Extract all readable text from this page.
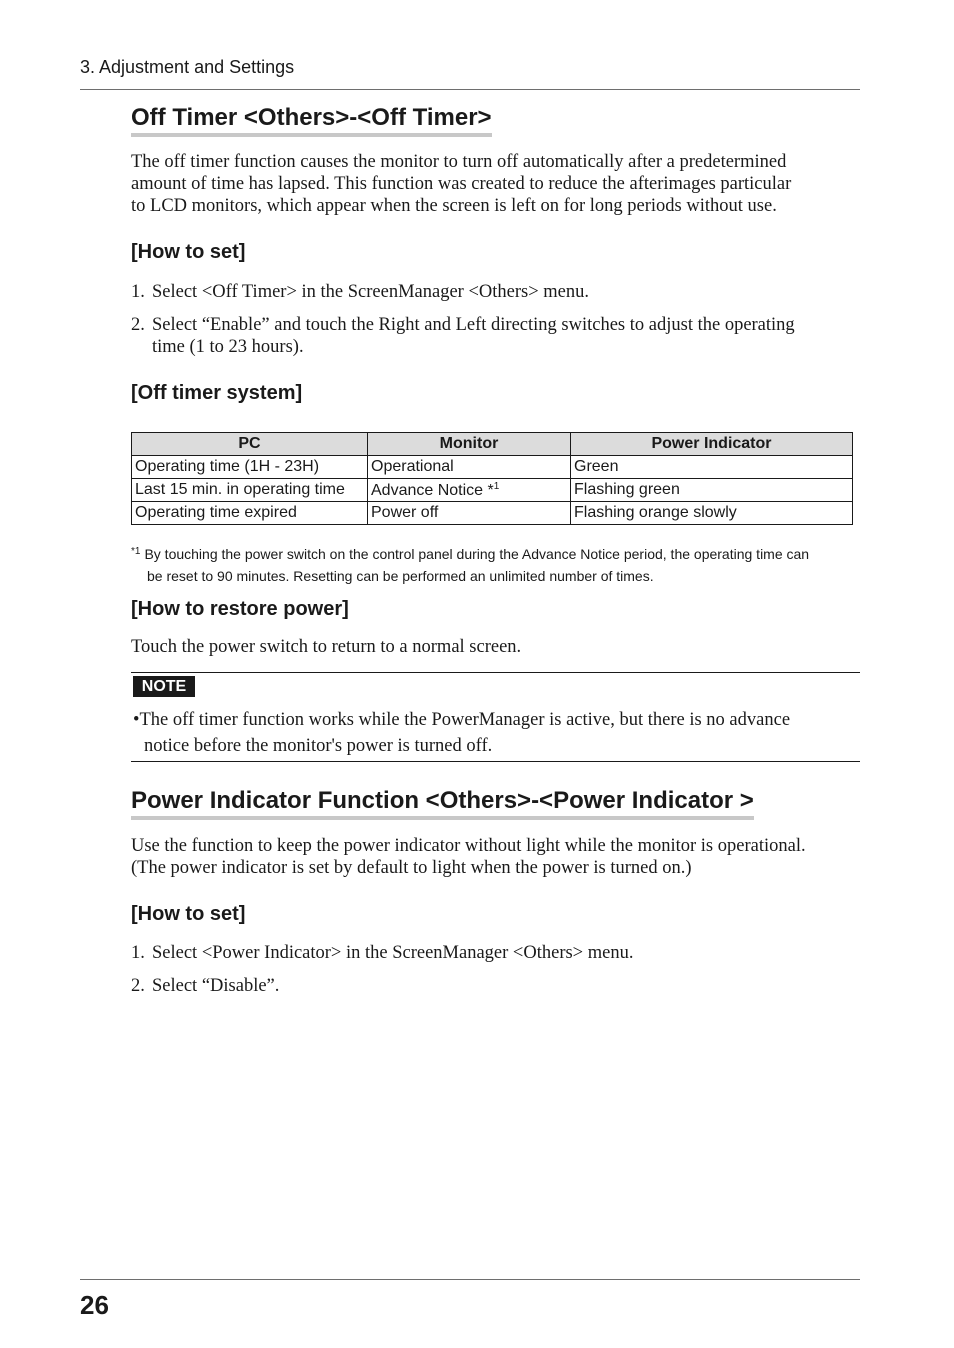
3. Adjustment and Settings
Off Timer <Others>-<Off Timer>
The off timer function causes the monitor to turn off automatically after a predetermined
amount of time has lapsed. This function was created to reduce the afterimages particular
to LCD monitors, which appear when the screen is left on for long periods without use.
[How to set]
1. Select <Off Timer> in the ScreenManager <Others> menu.
2. Select “Enable” and touch the Right and Left directing switches to adjust the operating
time (1 to 23 hours).
[Off timer system]
PC	Monitor	Power Indicator
Operating time (1H - 23H)	Operational	Green
Last 15 min. in operating time	Advance Notice *$^1$	Flashing green
Operating time expired	Power off	Flashing orange slowly
$^{*1}$ By touching the power switch on the control panel during the Advance Notice period, the operating time can
be reset to 90 minutes. Resetting can be performed an unlimited number of times.
[How to restore power]
Touch the power switch to return to a normal screen.
NOTE
•The off timer function works while the PowerManager is active, but there is no advance
notice before the monitor's power is turned off.
Power Indicator Function <Others>-<Power Indicator >
Use the function to keep the power indicator without light while the monitor is operational.
(The power indicator is set by default to light when the power is turned on.)
[How to set]
1. Select <Power Indicator> in the ScreenManager <Others> menu.
2. Select “Disable”.
26
